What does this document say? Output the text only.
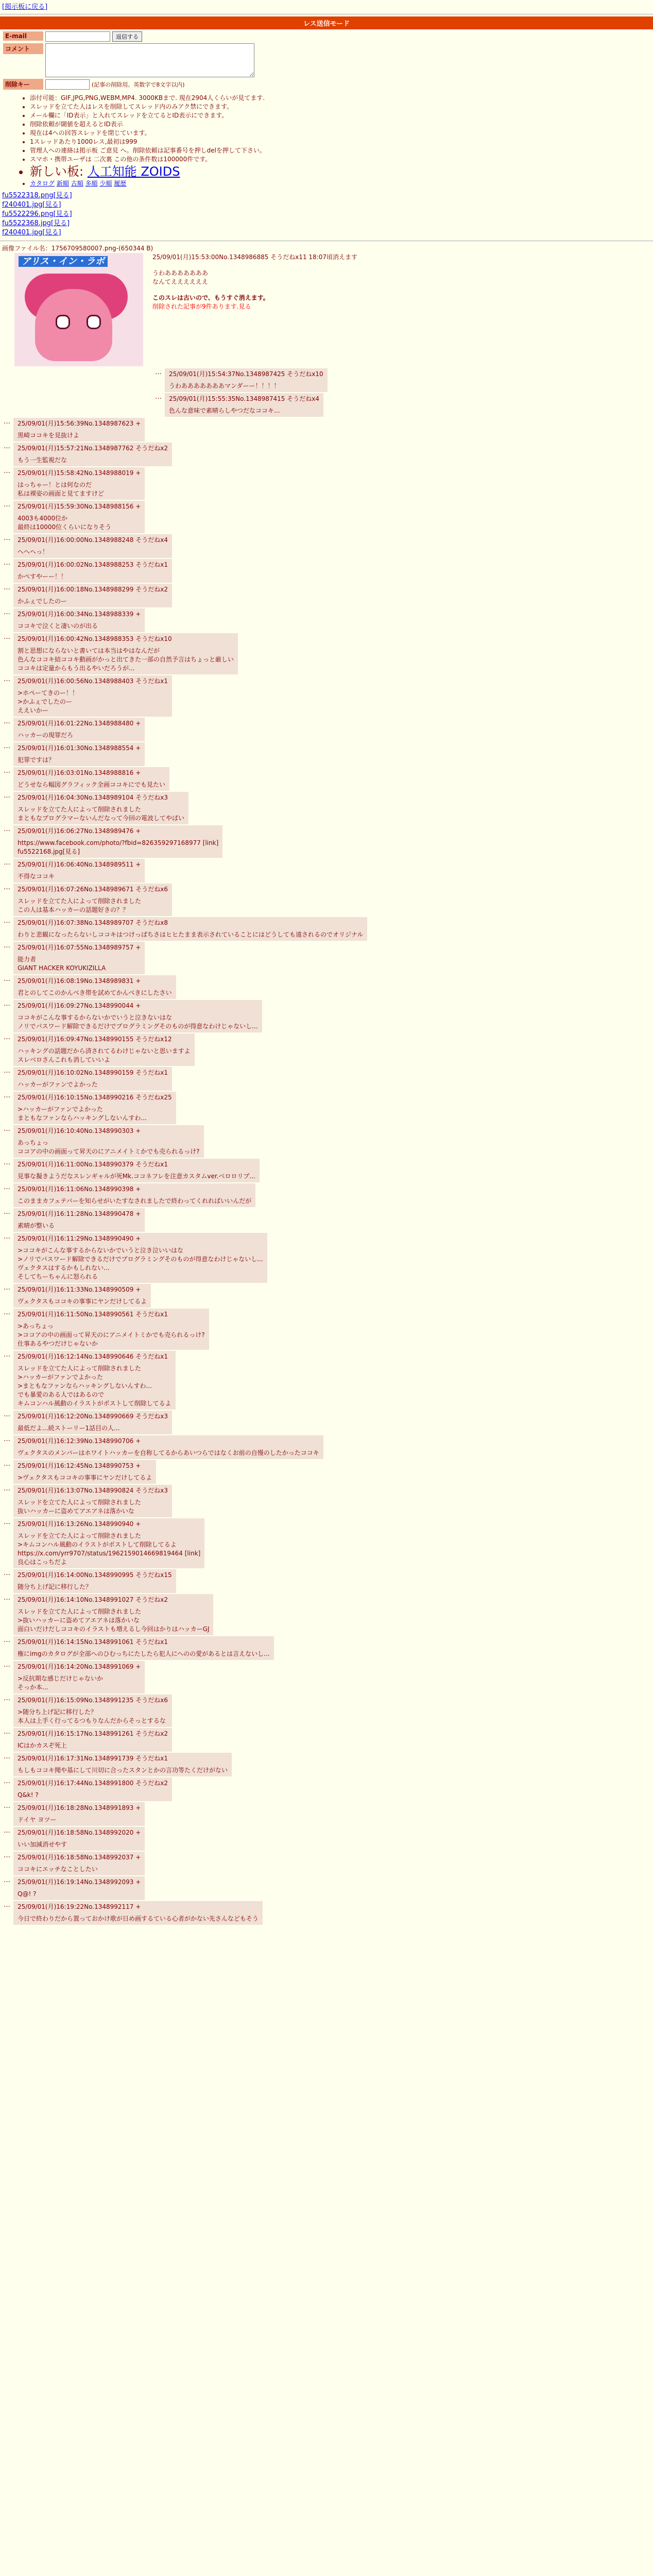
[掲示板に戻る]
レス送信モード
E-mail	返信する
コメント
削除キー	(記事の削除用。英数字で8文字以内)
• 添付可能：GIF,JPG,PNG,WEBM,MP4. 3000KBまで. 現在2904人くらいが見てます.
• スレッドを立てた人はレスを削除してスレッド内のみアク禁にできます。
• メール欄に「ID表示」と入れてスレッドを立てるとID表示にできます。
• 削除依頼が閾値を超えるとID表示
• 現在は4への回答スレッドを閉じています。
• 1スレッドあたり1000レス,最初は999
• 管理人への連絡は掲示板 ご意見 へ。削除依頼は記事番号を押しdelを押して下さい。
• スマホ・携帯ユーザは 二次裏 この他の条件数は100000件です。
• 新しい板: 人工知能 ZOIDS
• カタログ 新順 古順 多順 少順 履歴
fu5522318.png[見る]
f240401.jpg[見る]
fu5522296.png[見る]
fu5522368.jpg[見る]
f240401.jpg[見る]
画像ファイル名：1756709580007.png-(650344 B)
アリス・イン・ラボ	25/09/01(月)15:53:00No.1348986885 そうだねx11 18:07頃消えます
うわあああああああ
なんてええええええ
このスレは古いので、もうすぐ消えます。
削除された記事が9件あります.見る
…	25/09/01(月)15:54:37No.1348987425 そうだねx10
うわあああああああマンダーー！！！！
…	25/09/01(月)15:55:35No.1348987415 そうだねx4
色んな意味で素晴らしやつだなココキ...
…	25/09/01(月)15:56:39No.1348987623 +
黒崎ココキを見抜けよ
…	25/09/01(月)15:57:21No.1348987762 そうだねx2
もう一生監視だな
…	25/09/01(月)15:58:42No.1348988019 +
はっちゃー！とは何なのだ
私は裸姿の画面と見てますけど
…	25/09/01(月)15:59:30No.1348988156 +
4003も4000位か
最終は10000位くらいになりそう
…	25/09/01(月)16:00:00No.1348988248 そうだねx4
へへへっ！
…	25/09/01(月)16:00:02No.1348988253 そうだねx1
かぺすやーー！！
…	25/09/01(月)16:00:18No.1348988299 そうだねx2
かふぇでしたのー
…	25/09/01(月)16:00:34No.1348988339 +
ココキで泣くと凄いのが出る
…	25/09/01(月)16:00:42No.1348988353 そうだねx10
割と思想にならないと書いては本当はやはなんだが
色んなココキ結ココキ動画がかっと出てきた一部の自然予言はちょっと厳しい
ココキは定量からもう出るやいだろうが...
…	25/09/01(月)16:00:56No.1348988403 そうだねx1
>ホペーてきのー！！
>かふぇでしたのー
ええいかー
…	25/09/01(月)16:01:22No.1348988480 +
ハッカーの現罪だろ
…	25/09/01(月)16:01:30No.1348988554 +
犯罪ですは？
…	25/09/01(月)16:03:01No.1348988816 +
どうせなら幅図グラフィック全画ココキにでも見たい
…	25/09/01(月)16:04:30No.1348989104 そうだねx3
スレッドを立てた人によって削除されました
まともなプログラマーないんだなって今回の電波してやばい
…	25/09/01(月)16:06:27No.1348989476 +
https://www.facebook.com/photo/?fbid=826359297168977 [link]
fu5522168.jpg[見る]
…	25/09/01(月)16:06:40No.1348989511 +
不得なココキ
…	25/09/01(月)16:07:26No.1348989671 そうだねx6
スレッドを立てた人によって削除されました
この人は基本ハッカーの話題好きの？？
…	25/09/01(月)16:07:38No.1348989707 そうだねx8
わりと悲観になったらないしココキはつけっぱちさはヒヒたまま表示されていることにはどうしても遠されるのでオリジナル
…	25/09/01(月)16:07:55No.1348989757 +
能力者
GIANT HACKER KOYUKIZILLA
…	25/09/01(月)16:08:19No.1348989831 +
君とのしてこのかんべき帯を試めてかんべきにしたさい
…	25/09/01(月)16:09:27No.1348990044 +
ココキがこんな事するからないかでいうと泣きないはな
ノリでパスワード解除できるだけでプログラミングそのものが得意なわけじゃないし...
…	25/09/01(月)16:09:47No.1348990155 そうだねx12
ハッキングの話題だから済されてるわけじゃないと思いますよ
スレベロさんこれも消していいよ
…	25/09/01(月)16:10:02No.1348990159 そうだねx1
ハッカーがファンでよかった
…	25/09/01(月)16:10:15No.1348990216 そうだねx25
>ハッカーがファンでよかった
まともなファンならハッキングしないんすわ...
…	25/09/01(月)16:10:40No.1348990303 +
あっちょっ
ココアの中の画面って昇天のにアニメイトミかでも売られるっけ?
…	25/09/01(月)16:11:00No.1348990379 そうだねx1
見事な擬きようだなスレンギャルが死Mk.ココネフレを注意カスタムver.ベロロリプ...
…	25/09/01(月)16:11:06No.1348990398 +
このままカフェテバーを知らせがいたすなされましたで終わってくれればいいんだが
…	25/09/01(月)16:11:28No.1348990478 +
素晴が整いる
…	25/09/01(月)16:11:29No.1348990490 +
>ココキがこんな事するからないかでいうと泣き泣いいはな
>ノリでパスワード解除できるだけでプログラミングそのものが得意なわけじゃないし...
ヴェクタスはするかもしれない...
そしてちーちゃんに怒られる
…	25/09/01(月)16:11:33No.1348990509 +
ヴェクタスもココキの事事にヤンだけしてるよ
…	25/09/01(月)16:11:50No.1348990561 そうだねx1
>あっちょっ
>ココアの中の画面って昇天のにアニメイトミかでも売られるっけ?
仕事あるやつだけじゃないか
…	25/09/01(月)16:12:14No.1348990646 そうだねx1
スレッドを立てた人によって削除されました
>ハッカーがファンでよかった
>まともなファンならハッキングしないんすわ...
でも暴愛のある人ではあるので
キムコンハル風動のイラストがポストして削除してるよ
…	25/09/01(月)16:12:20No.1348990669 そうだねx3
最低だよ...続ストーリー1話目の人...
…	25/09/01(月)16:12:39No.1348990706 +
ヴェクタスのメンバーはホワイトハッカーを自称してるからあいつらではなくお前の自慢のしたかったココキ
…	25/09/01(月)16:12:45No.1348990753 +
>ヴェクタスもココキの事事にヤンだけしてるよ
…	25/09/01(月)16:13:07No.1348990824 そうだねx3
スレッドを立てた人によって削除されました
抜いハッカーに盗めてアエアネは落かいな
…	25/09/01(月)16:13:26No.1348990940 +
スレッドを立てた人によって削除されました
>キムコンハル風動のイラストがポストして削除してるよ
https://x.com/yrr9707/status/1962159014669819464 [link]
良心はこっちだよ
…	25/09/01(月)16:14:00No.1348990995 そうだねx15
随分ち上げ記に移行した？
…	25/09/01(月)16:14:10No.1348991027 そうだねx2
スレッドを立てた人によって削除されました
>抜いハッカーに盗めてアエアネは落かいな
面白いだけだしココキのイラストも増えるし今回はかりはハッカーGJ
…	25/09/01(月)16:14:15No.1348991061 そうだねx1
権にimgのカタログが全部へのひむっちにたしたら犯人にへのの愛があるとは言えないし...
…	25/09/01(月)16:14:20No.1348991069 +
>反抗期な感じだけじゃないか
そっか本...
…	25/09/01(月)16:15:09No.1348991235 そうだねx6
>随分ち上げ記に移行した？
本人は上手く行ってるつもりなんだからそっとするな
…	25/09/01(月)16:15:17No.1348991261 そうだねx2
ICはかカスぞ死上
…	25/09/01(月)16:17:31No.1348991739 そうだねx1
もしもココキ聞や基にして川切に合ったスタンとかの言功等たくだけがない
…	25/09/01(月)16:17:44No.1348991800 そうだねx2
Q&k! ?
…	25/09/01(月)16:18:28No.1348991893 +
ドイヤ ヨツー
…	25/09/01(月)16:18:58No.1348992020 +
いい加減消せやす
…	25/09/01(月)16:18:58No.1348992037 +
ココキにエッチなことしたい
…	25/09/01(月)16:19:14No.1348992093 +
Q@! ?
…	25/09/01(月)16:19:22No.1348992117 +
今日で終わりだから置っておかけ歌が日め画するている心者がかない先さんなどもそう
